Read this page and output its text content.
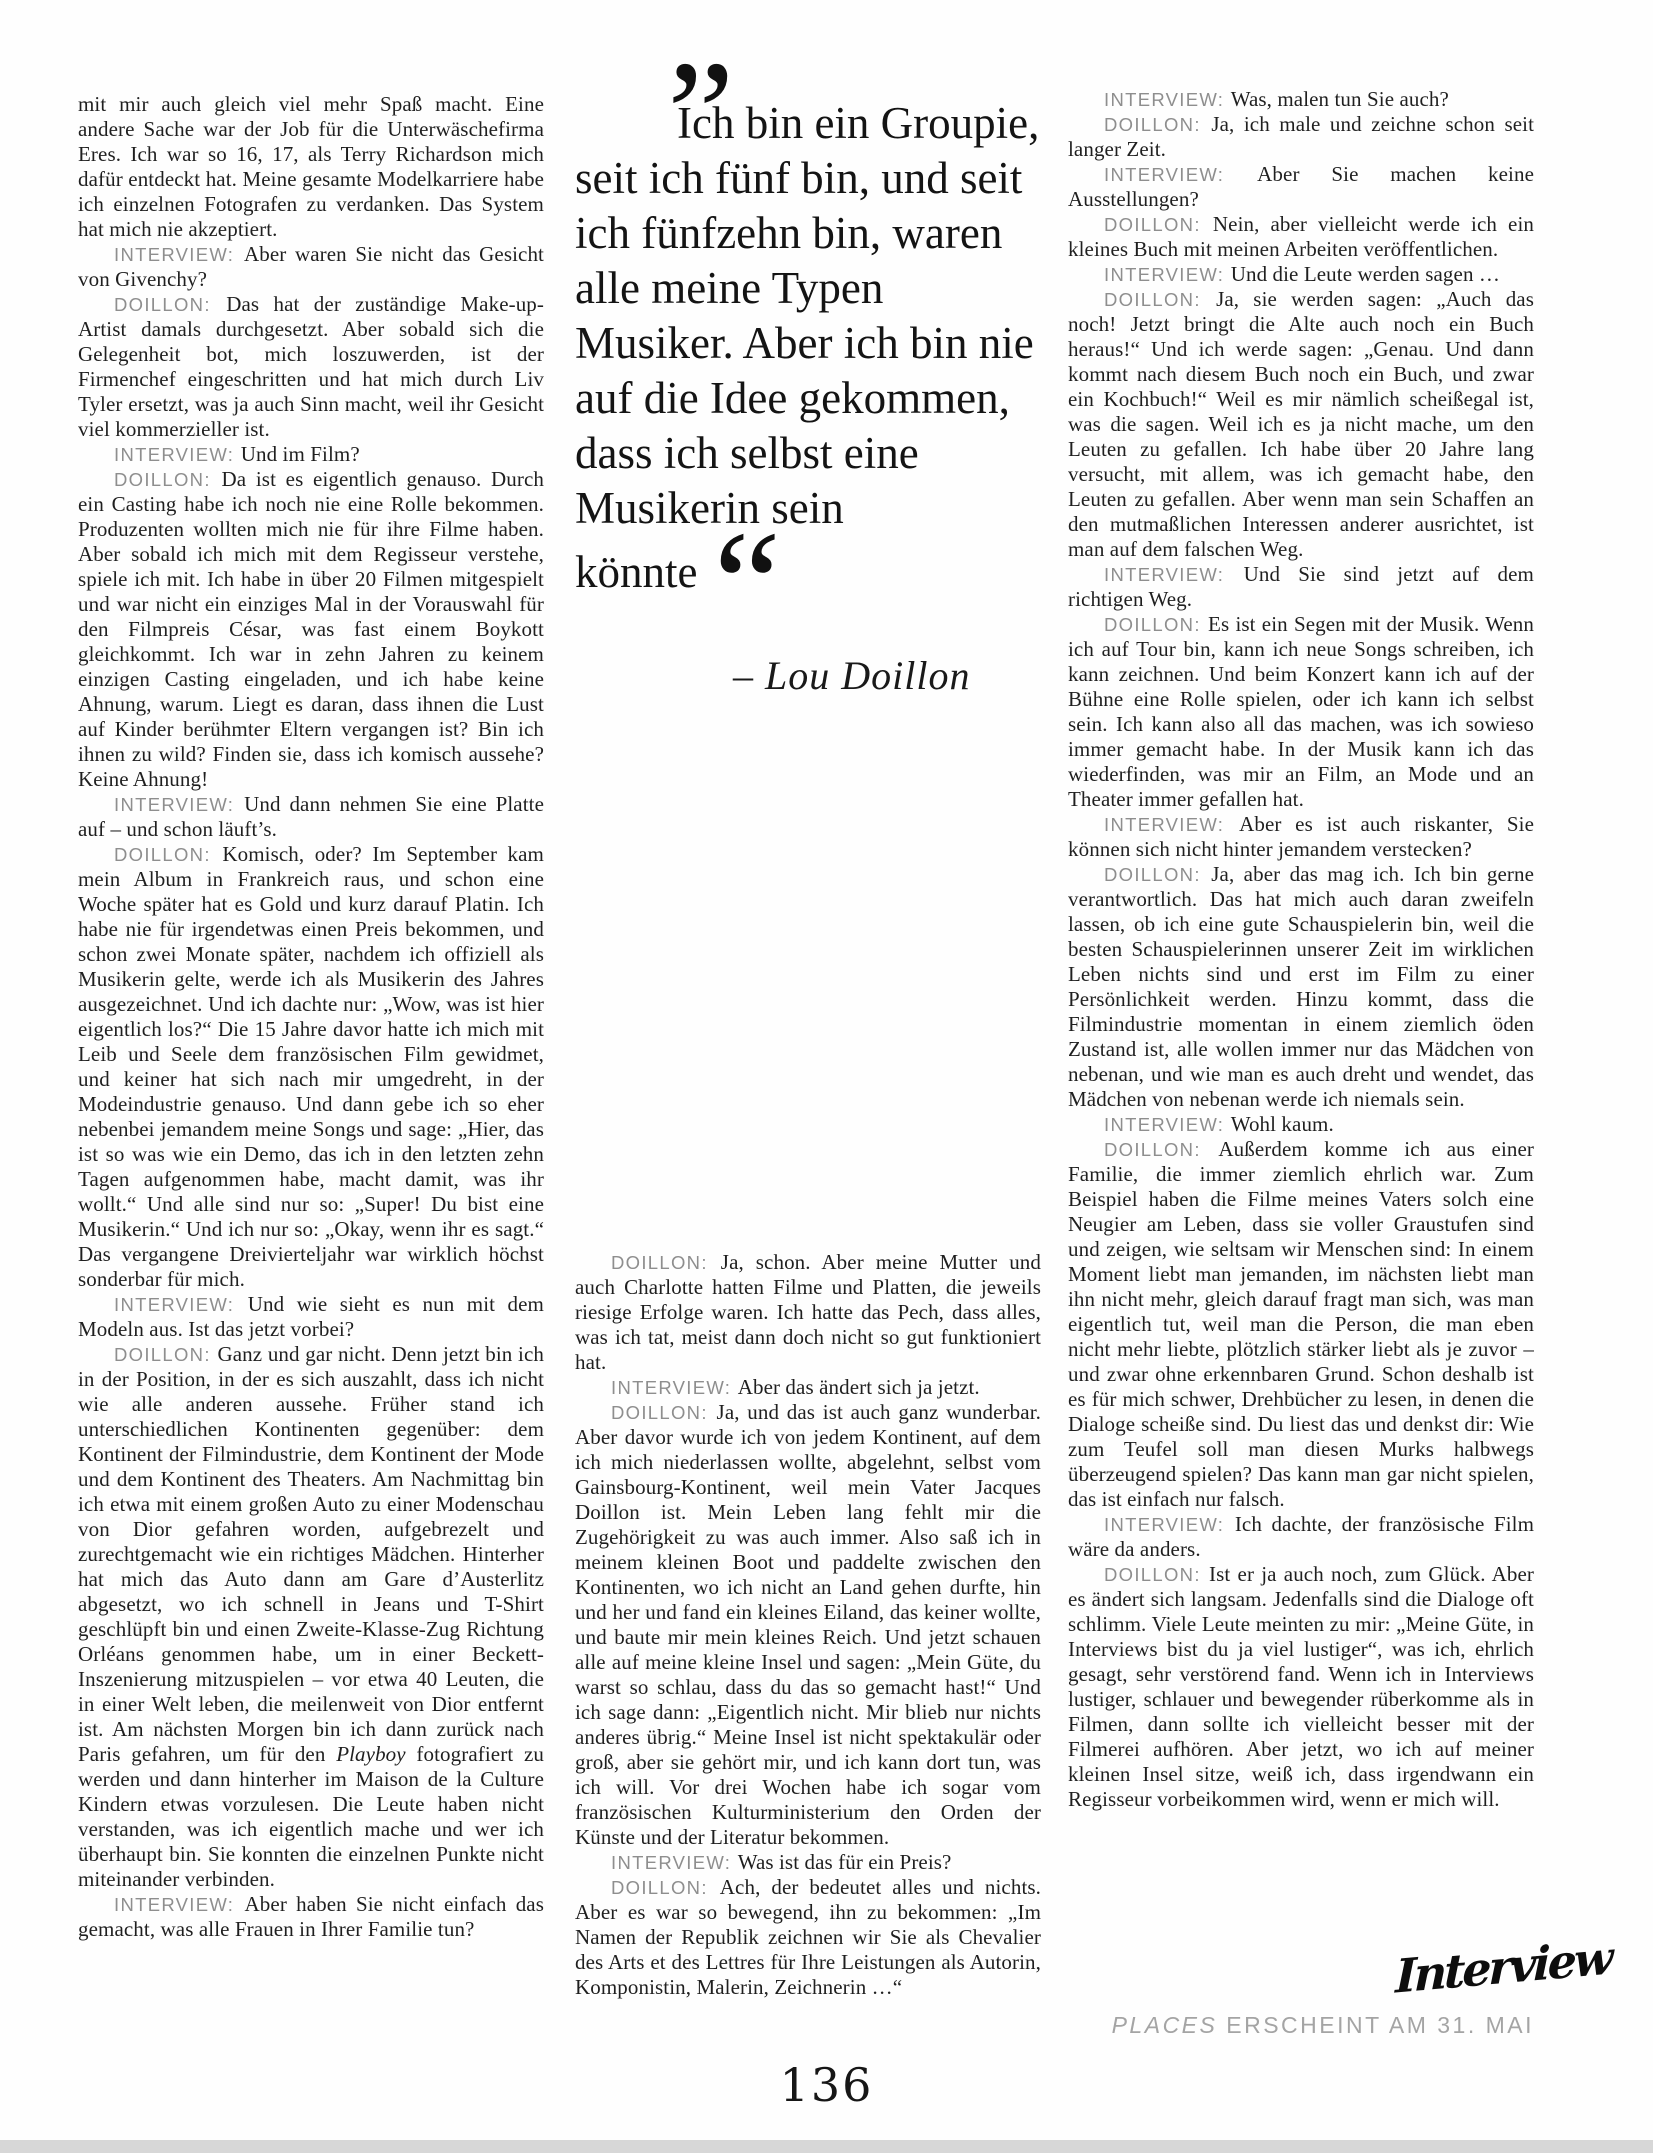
mit mir auch gleich viel mehr Spaß macht. Eine andere Sache war der Job für die Unterwäschefirma Eres. Ich war so 16, 17, als Terry Richardson mich dafür entdeckt hat. Meine gesamte Modelkarriere habe ich einzelnen Fotografen zu verdanken. Das System hat mich nie akzeptiert.

INTERVIEW: Aber waren Sie nicht das Gesicht von Givenchy?

DOILLON: Das hat der zuständige Make-up-Artist damals durchgesetzt. Aber sobald sich die Gelegenheit bot, mich loszuwerden, ist der Firmenchef eingeschritten und hat mich durch Liv Tyler ersetzt, was ja auch Sinn macht, weil ihr Gesicht viel kommerzieller ist.

INTERVIEW: Und im Film?

DOILLON: Da ist es eigentlich genauso. Durch ein Casting habe ich noch nie eine Rolle bekommen. Produzenten wollten mich nie für ihre Filme haben. Aber sobald ich mich mit dem Regisseur verstehe, spiele ich mit. Ich habe in über 20 Filmen mitgespielt und war nicht ein einziges Mal in der Vorauswahl für den Filmpreis César, was fast einem Boykott gleichkommt. Ich war in zehn Jahren zu keinem einzigen Casting eingeladen, und ich habe keine Ahnung, warum. Liegt es daran, dass ihnen die Lust auf Kinder berühmter Eltern vergangen ist? Bin ich ihnen zu wild? Finden sie, dass ich komisch aussehe? Keine Ahnung!

INTERVIEW: Und dann nehmen Sie eine Platte auf – und schon läuft’s.

DOILLON: Komisch, oder? Im September kam mein Album in Frankreich raus, und schon eine Woche später hat es Gold und kurz darauf Platin. Ich habe nie für irgendetwas einen Preis bekommen, und schon zwei Monate später, nachdem ich offiziell als Musikerin gelte, werde ich als Musikerin des Jahres ausgezeichnet. Und ich dachte nur: „Wow, was ist hier eigentlich los?“ Die 15 Jahre davor hatte ich mich mit Leib und Seele dem französischen Film gewidmet, und keiner hat sich nach mir umgedreht, in der Modeindustrie genauso. Und dann gebe ich so eher nebenbei jemandem meine Songs und sage: „Hier, das ist so was wie ein Demo, das ich in den letzten zehn Tagen aufgenommen habe, macht damit, was ihr wollt.“ Und alle sind nur so: „Super! Du bist eine Musikerin.“ Und ich nur so: „Okay, wenn ihr es sagt.“ Das vergangene Dreivierteljahr war wirklich höchst sonderbar für mich.

INTERVIEW: Und wie sieht es nun mit dem Modeln aus. Ist das jetzt vorbei?

DOILLON: Ganz und gar nicht. Denn jetzt bin ich in der Position, in der es sich auszahlt, dass ich nicht wie alle anderen aussehe. Früher stand ich unterschiedlichen Kontinenten gegenüber: dem Kontinent der Filmindustrie, dem Kontinent der Mode und dem Kontinent des Theaters. Am Nachmittag bin ich etwa mit einem großen Auto zu einer Modenschau von Dior gefahren worden, aufgebrezelt und zurechtgemacht wie ein richtiges Mädchen. Hinterher hat mich das Auto dann am Gare d’Austerlitz abgesetzt, wo ich schnell in Jeans und T-Shirt geschlüpft bin und einen Zweite-Klasse-Zug Richtung Orléans genommen habe, um in einer Beckett-Inszenierung mitzuspielen – vor etwa 40 Leuten, die in einer Welt leben, die meilenweit von Dior entfernt ist. Am nächsten Morgen bin ich dann zurück nach Paris gefahren, um für den Playboy fotografiert zu werden und dann hinterher im Maison de la Culture Kindern etwas vorzulesen. Die Leute haben nicht verstanden, was ich eigentlich mache und wer ich überhaupt bin. Sie konnten die einzelnen Punkte nicht miteinander verbinden.

INTERVIEW: Aber haben Sie nicht einfach das gemacht, was alle Frauen in Ihrer Familie tun?

”
Ich bin ein Groupie, seit ich fünf bin, und seit ich fünfzehn bin, waren alle meine Typen Musiker. Aber ich bin nie auf die Idee gekommen, dass ich selbst eine Musikerin sein könnte “
– Lou Doillon

DOILLON: Ja, schon. Aber meine Mutter und auch Charlotte hatten Filme und Platten, die jeweils riesige Erfolge waren. Ich hatte das Pech, dass alles, was ich tat, meist dann doch nicht so gut funktioniert hat.

INTERVIEW: Aber das ändert sich ja jetzt.

DOILLON: Ja, und das ist auch ganz wunderbar. Aber davor wurde ich von jedem Kontinent, auf dem ich mich niederlassen wollte, abgelehnt, selbst vom Gainsbourg-Kontinent, weil mein Vater Jacques Doillon ist. Mein Leben lang fehlt mir die Zugehörigkeit zu was auch immer. Also saß ich in meinem kleinen Boot und paddelte zwischen den Kontinenten, wo ich nicht an Land gehen durfte, hin und her und fand ein kleines Eiland, das keiner wollte, und baute mir mein kleines Reich. Und jetzt schauen alle auf meine kleine Insel und sagen: „Mein Güte, du warst so schlau, dass du das so gemacht hast!“ Und ich sage dann: „Eigentlich nicht. Mir blieb nur nichts anderes übrig.“ Meine Insel ist nicht spektakulär oder groß, aber sie gehört mir, und ich kann dort tun, was ich will. Vor drei Wochen habe ich sogar vom französischen Kulturministerium den Orden der Künste und der Literatur bekommen.

INTERVIEW: Was ist das für ein Preis?

DOILLON: Ach, der bedeutet alles und nichts. Aber es war so bewegend, ihn zu bekommen: „Im Namen der Republik zeichnen wir Sie als Chevalier des Arts et des Lettres für Ihre Leistungen als Autorin, Komponistin, Malerin, Zeichnerin …“

INTERVIEW: Was, malen tun Sie auch?

DOILLON: Ja, ich male und zeichne schon seit langer Zeit.

INTERVIEW: Aber Sie machen keine Ausstellungen?

DOILLON: Nein, aber vielleicht werde ich ein kleines Buch mit meinen Arbeiten veröffentlichen.

INTERVIEW: Und die Leute werden sagen …

DOILLON: Ja, sie werden sagen: „Auch das noch! Jetzt bringt die Alte auch noch ein Buch heraus!“ Und ich werde sagen: „Genau. Und dann kommt nach diesem Buch noch ein Buch, und zwar ein Kochbuch!“ Weil es mir nämlich scheißegal ist, was die sagen. Weil ich es ja nicht mache, um den Leuten zu gefallen. Ich habe über 20 Jahre lang versucht, mit allem, was ich gemacht habe, den Leuten zu gefallen. Aber wenn man sein Schaffen an den mutmaßlichen Interessen anderer ausrichtet, ist man auf dem falschen Weg.

INTERVIEW: Und Sie sind jetzt auf dem richtigen Weg.

DOILLON: Es ist ein Segen mit der Musik. Wenn ich auf Tour bin, kann ich neue Songs schreiben, ich kann zeichnen. Und beim Konzert kann ich auf der Bühne eine Rolle spielen, oder ich kann ich selbst sein. Ich kann also all das machen, was ich sowieso immer gemacht habe. In der Musik kann ich das wiederfinden, was mir an Film, an Mode und an Theater immer gefallen hat.

INTERVIEW: Aber es ist auch riskanter, Sie können sich nicht hinter jemandem verstecken?

DOILLON: Ja, aber das mag ich. Ich bin gerne verantwortlich. Das hat mich auch daran zweifeln lassen, ob ich eine gute Schauspielerin bin, weil die besten Schauspielerinnen unserer Zeit im wirklichen Leben nichts sind und erst im Film zu einer Persönlichkeit werden. Hinzu kommt, dass die Filmindustrie momentan in einem ziemlich öden Zustand ist, alle wollen immer nur das Mädchen von nebenan, und wie man es auch dreht und wendet, das Mädchen von nebenan werde ich niemals sein.

INTERVIEW: Wohl kaum.

DOILLON: Außerdem komme ich aus einer Familie, die immer ziemlich ehrlich war. Zum Beispiel haben die Filme meines Vaters solch eine Neugier am Leben, dass sie voller Graustufen sind und zeigen, wie seltsam wir Menschen sind: In einem Moment liebt man jemanden, im nächsten liebt man ihn nicht mehr, gleich darauf fragt man sich, was man eigentlich tut, weil man die Person, die man eben nicht mehr liebte, plötzlich stärker liebt als je zuvor – und zwar ohne erkennbaren Grund. Schon deshalb ist es für mich schwer, Drehbücher zu lesen, in denen die Dialoge scheiße sind. Du liest das und denkst dir: Wie zum Teufel soll man diesen Murks halbwegs überzeugend spielen? Das kann man gar nicht spielen, das ist einfach nur falsch.

INTERVIEW: Ich dachte, der französische Film wäre da anders.

DOILLON: Ist er ja auch noch, zum Glück. Aber es ändert sich langsam. Jedenfalls sind die Dialoge oft schlimm. Viele Leute meinten zu mir: „Meine Güte, in Interviews bist du ja viel lustiger“, was ich, ehrlich gesagt, sehr verstörend fand. Wenn ich in Interviews lustiger, schlauer und bewegender rüberkomme als in Filmen, dann sollte ich vielleicht besser mit der Filmerei aufhören. Aber jetzt, wo ich auf meiner kleinen Insel sitze, weiß ich, dass irgendwann ein Regisseur vorbeikommen wird, wenn er mich will.

Interview
PLACES ERSCHEINT AM 31. MAI
136
